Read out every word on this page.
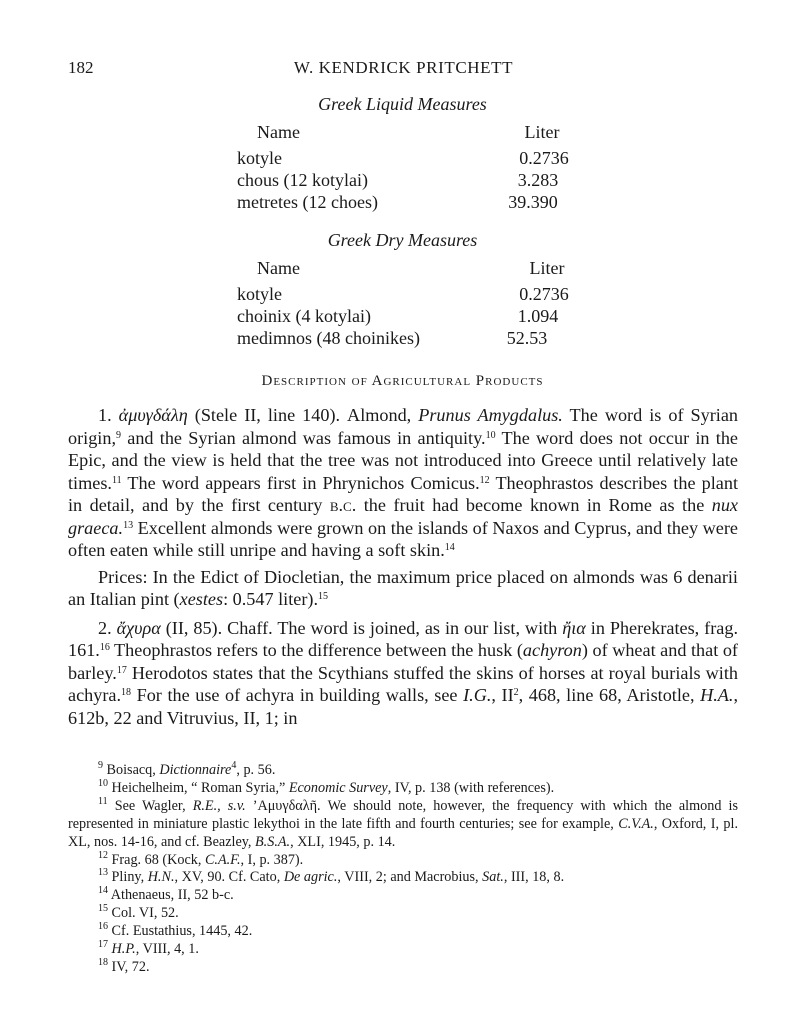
182	W. KENDRICK PRITCHETT
Greek Liquid Measures
Name	Liter
kotyle	0.2736
chous (12 kotylai)	3.283
metretes (12 choes)	39.390
Greek Dry Measures
Name	Liter
kotyle	0.2736
choinix (4 kotylai)	1.094
medimnos (48 choinikes)	52.53
Description of Agricultural Products

1. ἀμυγδάλη (Stele II, line 140). Almond, Prunus Amygdalus. The word is of Syrian origin,$^9$ and the Syrian almond was famous in antiquity.$^{10}$ The word does not occur in the Epic, and the view is held that the tree was not introduced into Greece until relatively late times.$^{11}$ The word appears first in Phrynichos Comicus.$^{12}$ Theophrastos describes the plant in detail, and by the first century b.c. the fruit had become known in Rome as the nux graeca.$^{13}$ Excellent almonds were grown on the islands of Naxos and Cyprus, and they were often eaten while still unripe and having a soft skin.$^{14}$

Prices: In the Edict of Diocletian, the maximum price placed on almonds was 6 denarii an Italian pint (xestes: 0.547 liter).$^{15}$

2. ἄχυρα (II, 85). Chaff. The word is joined, as in our list, with ἤια in Pherekrates, frag. 161.16 Theophrastos refers to the difference between the husk (achyron) of wheat and that of barley.$^{17}$ Herodotos states that the Scythians stuffed the skins of horses at royal burials with achyra.$^{18}$ For the use of achyra in building walls, see I.G., $II^2$, 468, line 68, Aristotle, H.A., 612b, 22 and Vitruvius, II, 1; in

$^9$ Boisacq, Dictionnaire$^4$, p. 56.

$^{10}$ Heichelheim, “ Roman Syria,” Economic Survey, IV, p. 138 (with references).

$^{11}$ See Wagler, R.E., s.v. ’Αμυγδαλῆ. We should note, however, the frequency with which the almond is represented in miniature plastic lekythoi in the late fifth and fourth centuries; see for example, C.V.A., Oxford, I, pl. XL, nos. 14-16, and cf. Beazley, B.S.A., XLI, 1945, p. 14.

$^{12}$ Frag. 68 (Kock, C.A.F., I, p. 387).

$^{13}$ Pliny, H.N., XV, 90. Cf. Cato, De agric., VIII, 2; and Macrobius, Sat., III, 18, 8.

$^{14}$ Athenaeus, II, 52 b-c.

$^{15}$ Col. VI, 52.

$^{16}$ Cf. Eustathius, 1445, 42.

$^{17}$ H.P., VIII, 4, 1.

$^{18}$ IV, 72.
